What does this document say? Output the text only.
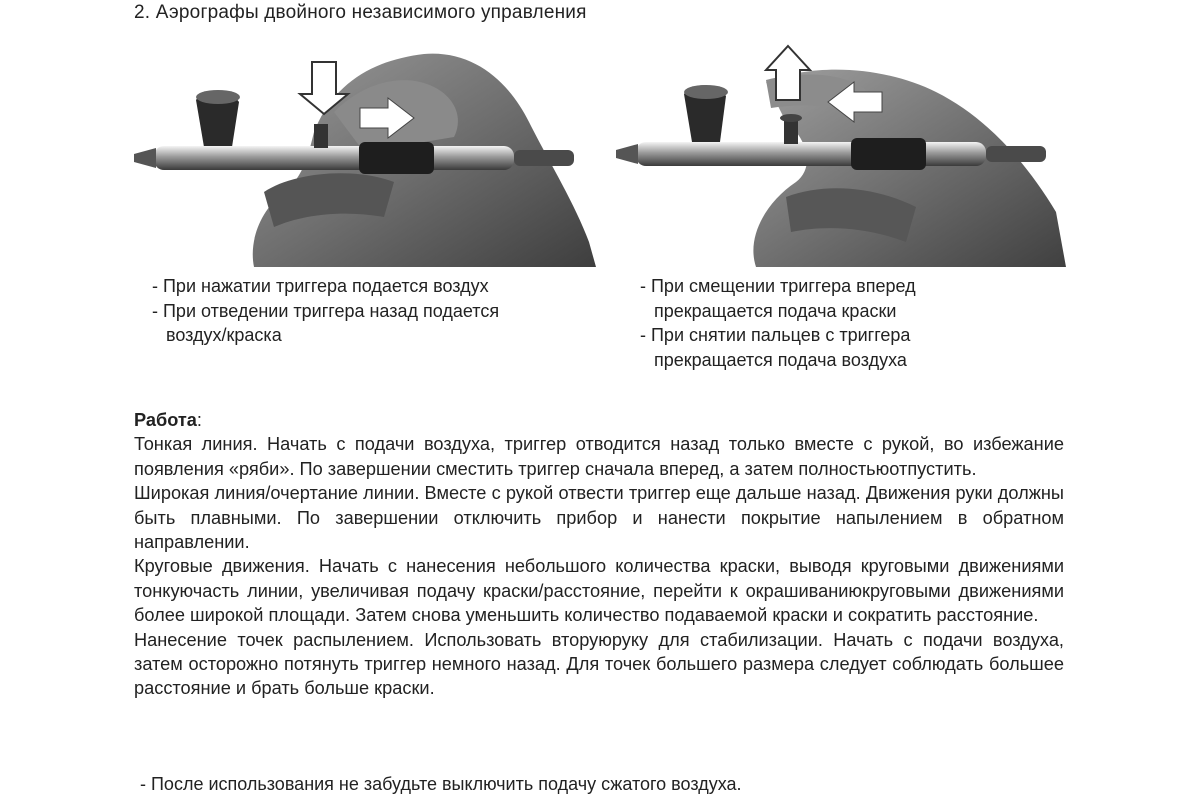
2. Аэрографы двойного независимого управления
- При нажатии триггера подается воздух
- При отведении триггера назад подается
воздух/краска
- При смещении триггера вперед
прекращается подача краски
- При снятии пальцев с триггера
прекращается подача воздуха

Работа:

Тонкая линия. Начать с подачи воздуха, триггер отводится назад только вместе с рукой, во избежание появления «ряби». По завершении сместить триггер сначала вперед, а затем полностьюотпустить.

Широкая линия/очертание линии. Вместе с рукой отвести триггер еще дальше назад. Движения руки должны быть плавными. По завершении отключить прибор и нанести покрытие напылением в обратном направлении.

Круговые движения. Начать с нанесения небольшого количества краски, выводя круговыми движениями тонкуючасть линии, увеличивая подачу краски/расстояние, перейти к окрашиваниюкруговыми движениями более широкой площади. Затем снова уменьшить количество подаваемой краски и сократить расстояние.

Нанесение точек распылением. Использовать вторуюруку для стабилизации. Начать с подачи воздуха, затем осторожно потянуть триггер немного назад. Для точек большего размера следует соблюдать большее расстояние и брать больше краски.

- После использования не забудьте выключить подачу сжатого воздуха.
